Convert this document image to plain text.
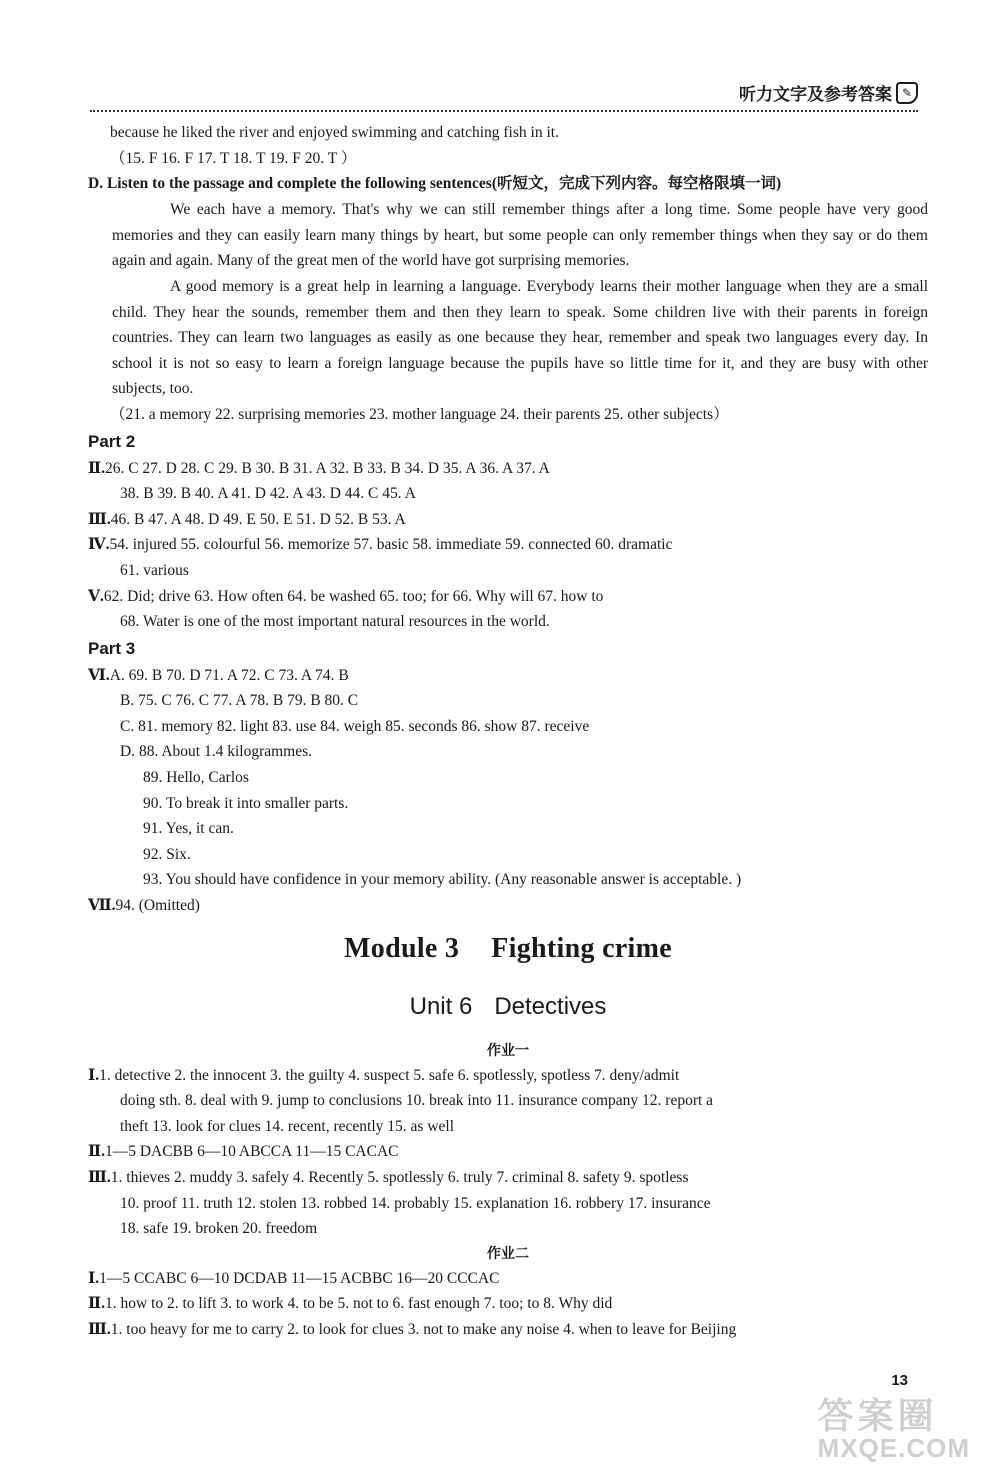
听力文字及参考答案 ✎
because he liked the river and enjoyed swimming and catching fish in it.
（15. F 16. F 17. T 18. T 19. F 20. T ）
D. Listen to the passage and complete the following sentences(听短文，完成下列内容。每空格限填一词)
We each have a memory. That's why we can still remember things after a long time. Some people have very good memories and they can easily learn many things by heart, but some people can only remember things when they say or do them again and again. Many of the great men of the world have got surprising memories.
A good memory is a great help in learning a language. Everybody learns their mother language when they are a small child. They hear the sounds, remember them and then they learn to speak. Some children live with their parents in foreign countries. They can learn two languages as easily as one because they hear, remember and speak two languages every day. In school it is not so easy to learn a foreign language because the pupils have so little time for it, and they are busy with other subjects, too.
（21. a memory 22. surprising memories 23. mother language 24. their parents 25. other subjects）
Part 2
Ⅱ.26. C 27. D 28. C 29. B 30. B 31. A 32. B 33. B 34. D 35. A 36. A 37. A
38. B 39. B 40. A 41. D 42. A 43. D 44. C 45. A
Ⅲ.46. B 47. A 48. D 49. E 50. E 51. D 52. B 53. A
Ⅳ.54. injured 55. colourful 56. memorize 57. basic 58. immediate 59. connected 60. dramatic
61. various
Ⅴ.62. Did; drive 63. How often 64. be washed 65. too; for 66. Why will 67. how to
68. Water is one of the most important natural resources in the world.
Part 3
Ⅵ.A. 69. B 70. D 71. A 72. C 73. A 74. B
B. 75. C 76. C 77. A 78. B 79. B 80. C
C. 81. memory 82. light 83. use 84. weigh 85. seconds 86. show 87. receive
D. 88. About 1.4 kilogrammes.
89. Hello, Carlos
90. To break it into smaller parts.
91. Yes, it can.
92. Six.
93. You should have confidence in your memory ability. (Any reasonable answer is acceptable. )
Ⅶ.94. (Omitted)
Module 3 Fighting crime
Unit 6 Detectives
作业一
Ⅰ.1. detective 2. the innocent 3. the guilty 4. suspect 5. safe 6. spotlessly, spotless 7. deny/admit
doing sth. 8. deal with 9. jump to conclusions 10. break into 11. insurance company 12. report a
theft 13. look for clues 14. recent, recently 15. as well
Ⅱ.1—5 DACBB 6—10 ABCCA 11—15 CACAC
Ⅲ.1. thieves 2. muddy 3. safely 4. Recently 5. spotlessly 6. truly 7. criminal 8. safety 9. spotless
10. proof 11. truth 12. stolen 13. robbed 14. probably 15. explanation 16. robbery 17. insurance
18. safe 19. broken 20. freedom
作业二
Ⅰ.1—5 CCABC 6—10 DCDAB 11—15 ACBBC 16—20 CCCAC
Ⅱ.1. how to 2. to lift 3. to work 4. to be 5. not to 6. fast enough 7. too; to 8. Why did
Ⅲ.1. too heavy for me to carry 2. to look for clues 3. not to make any noise 4. when to leave for Beijing
13
答案圈
MXQE.COM
